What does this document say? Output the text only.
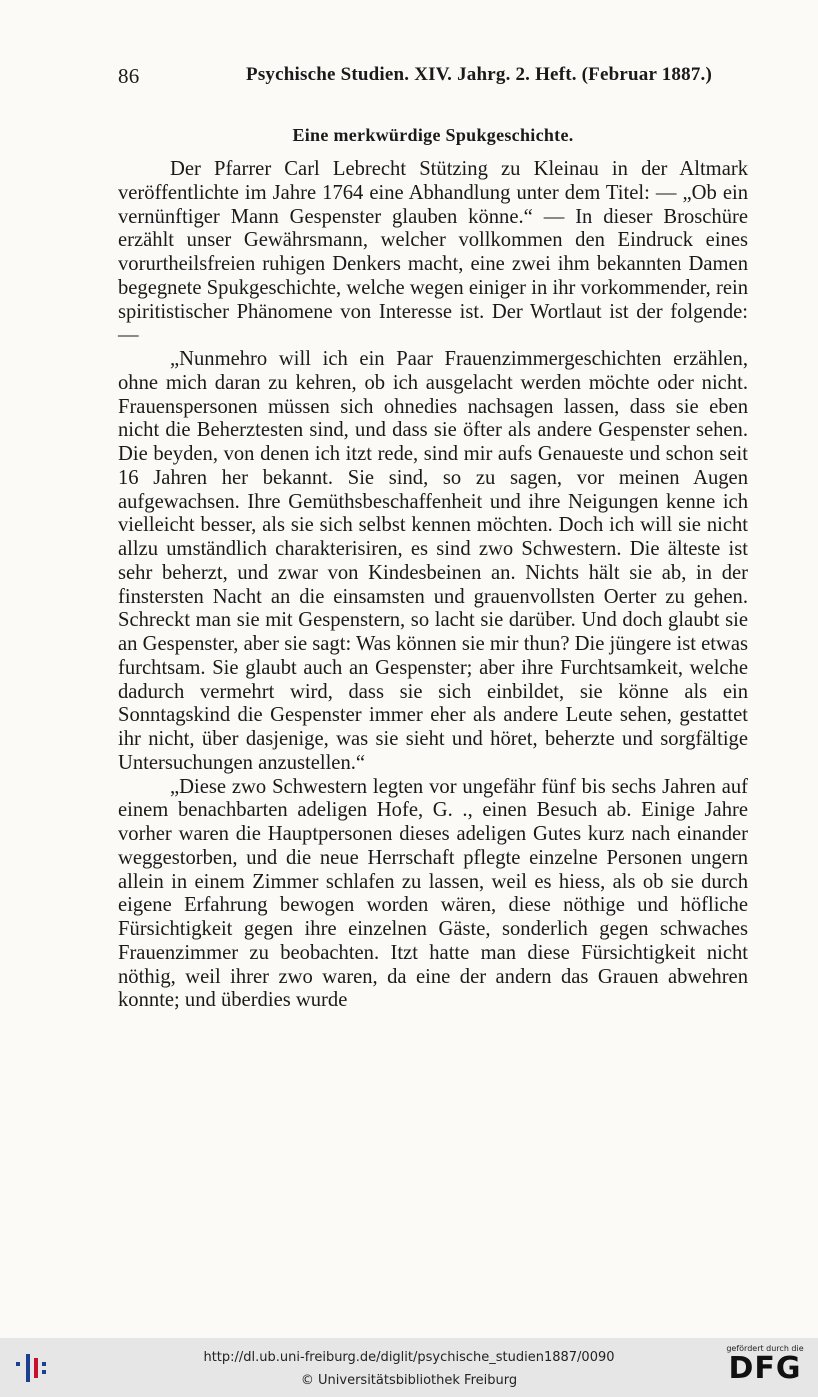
86	Psychische Studien. XIV. Jahrg. 2. Heft. (Februar 1887.)
Eine merkwürdige Spukgeschichte.

Der Pfarrer Carl Lebrecht Stützing zu Kleinau in der Altmark veröffentlichte im Jahre 1764 eine Abhandlung unter dem Titel: — „Ob ein vernünftiger Mann Gespenster glauben könne.“ — In dieser Broschüre erzählt unser Gewährsmann, welcher vollkommen den Eindruck eines vorurtheilsfreien ruhigen Denkers macht, eine zwei ihm bekannten Damen begegnete Spukgeschichte, welche wegen einiger in ihr vorkommender, rein spiritistischer Phänomene von Interesse ist. Der Wortlaut ist der folgende: —

„Nunmehro will ich ein Paar Frauenzimmergeschichten erzählen, ohne mich daran zu kehren, ob ich ausgelacht werden möchte oder nicht. Frauenspersonen müssen sich ohnedies nachsagen lassen, dass sie eben nicht die Beherztesten sind, und dass sie öfter als andere Gespenster sehen. Die beyden, von denen ich itzt rede, sind mir aufs Genaueste und schon seit 16 Jahren her bekannt. Sie sind, so zu sagen, vor meinen Augen aufgewachsen. Ihre Gemüthsbeschaffenheit und ihre Neigungen kenne ich vielleicht besser, als sie sich selbst kennen möchten. Doch ich will sie nicht allzu umständlich charakterisiren, es sind zwo Schwestern. Die älteste ist sehr beherzt, und zwar von Kindesbeinen an. Nichts hält sie ab, in der finstersten Nacht an die einsamsten und grauenvollsten Oerter zu gehen. Schreckt man sie mit Gespenstern, so lacht sie darüber. Und doch glaubt sie an Gespenster, aber sie sagt: Was können sie mir thun? Die jüngere ist etwas furchtsam. Sie glaubt auch an Gespenster; aber ihre Furchtsamkeit, welche dadurch vermehrt wird, dass sie sich einbildet, sie könne als ein Sonntagskind die Gespenster immer eher als andere Leute sehen, gestattet ihr nicht, über dasjenige, was sie sieht und höret, beherzte und sorgfältige Untersuchungen anzustellen.“

„Diese zwo Schwestern legten vor ungefähr fünf bis sechs Jahren auf einem benachbarten adeligen Hofe, G. ., einen Besuch ab. Einige Jahre vorher waren die Hauptpersonen dieses adeligen Gutes kurz nach einander weggestorben, und die neue Herrschaft pflegte einzelne Personen ungern allein in einem Zimmer schlafen zu lassen, weil es hiess, als ob sie durch eigene Erfahrung bewogen worden wären, diese nöthige und höfliche Fürsichtigkeit gegen ihre einzelnen Gäste, sonderlich gegen schwaches Frauenzimmer zu beobachten. Itzt hatte man diese Fürsichtigkeit nicht nöthig, weil ihrer zwo waren, da eine der andern das Grauen abwehren konnte; und überdies wurde

http://dl.ub.uni-freiburg.de/diglit/psychische_studien1887/0090
© Universitätsbibliothek Freiburg
gefördert durch die
DFG
